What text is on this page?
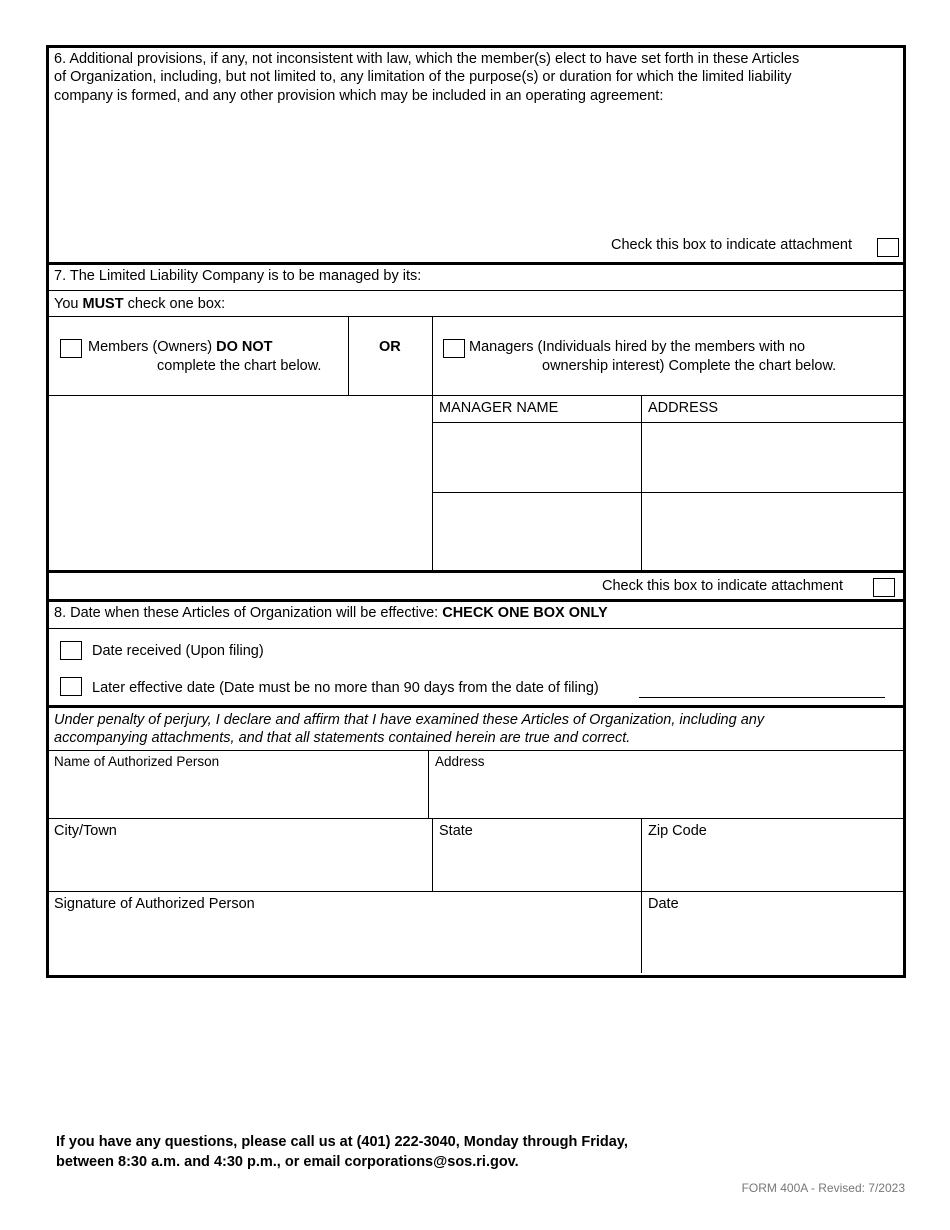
6. Additional provisions, if any, not inconsistent with law, which the member(s) elect to have set forth in these Articles
of Organization, including, but not limited to, any limitation of the purpose(s) or duration for which the limited liability
company is formed, and any other provision which may be included in an operating agreement:
Check this box to indicate attachment
7. The Limited Liability Company is to be managed by its:
You MUST check one box:
Members (Owners) DO NOT
complete the chart below.
OR	Managers (Individuals hired by the members with no
ownership interest) Complete the chart below.
MANAGER NAME	ADDRESS
Check this box to indicate attachment
8. Date when these Articles of Organization will be effective: CHECK ONE BOX ONLY
Date received (Upon filing)
Later effective date (Date must be no more than 90 days from the date of filing)
Under penalty of perjury, I declare and affirm that I have examined these Articles of Organization, including any
accompanying attachments, and that all statements contained herein are true and correct.
Name of Authorized Person	Address
City/Town	State	Zip Code
Signature of Authorized Person	Date
If you have any questions, please call us at (401) 222-3040, Monday through Friday,
between 8:30 a.m. and 4:30 p.m., or email corporations@sos.ri.gov.
FORM 400A - Revised: 7/2023
